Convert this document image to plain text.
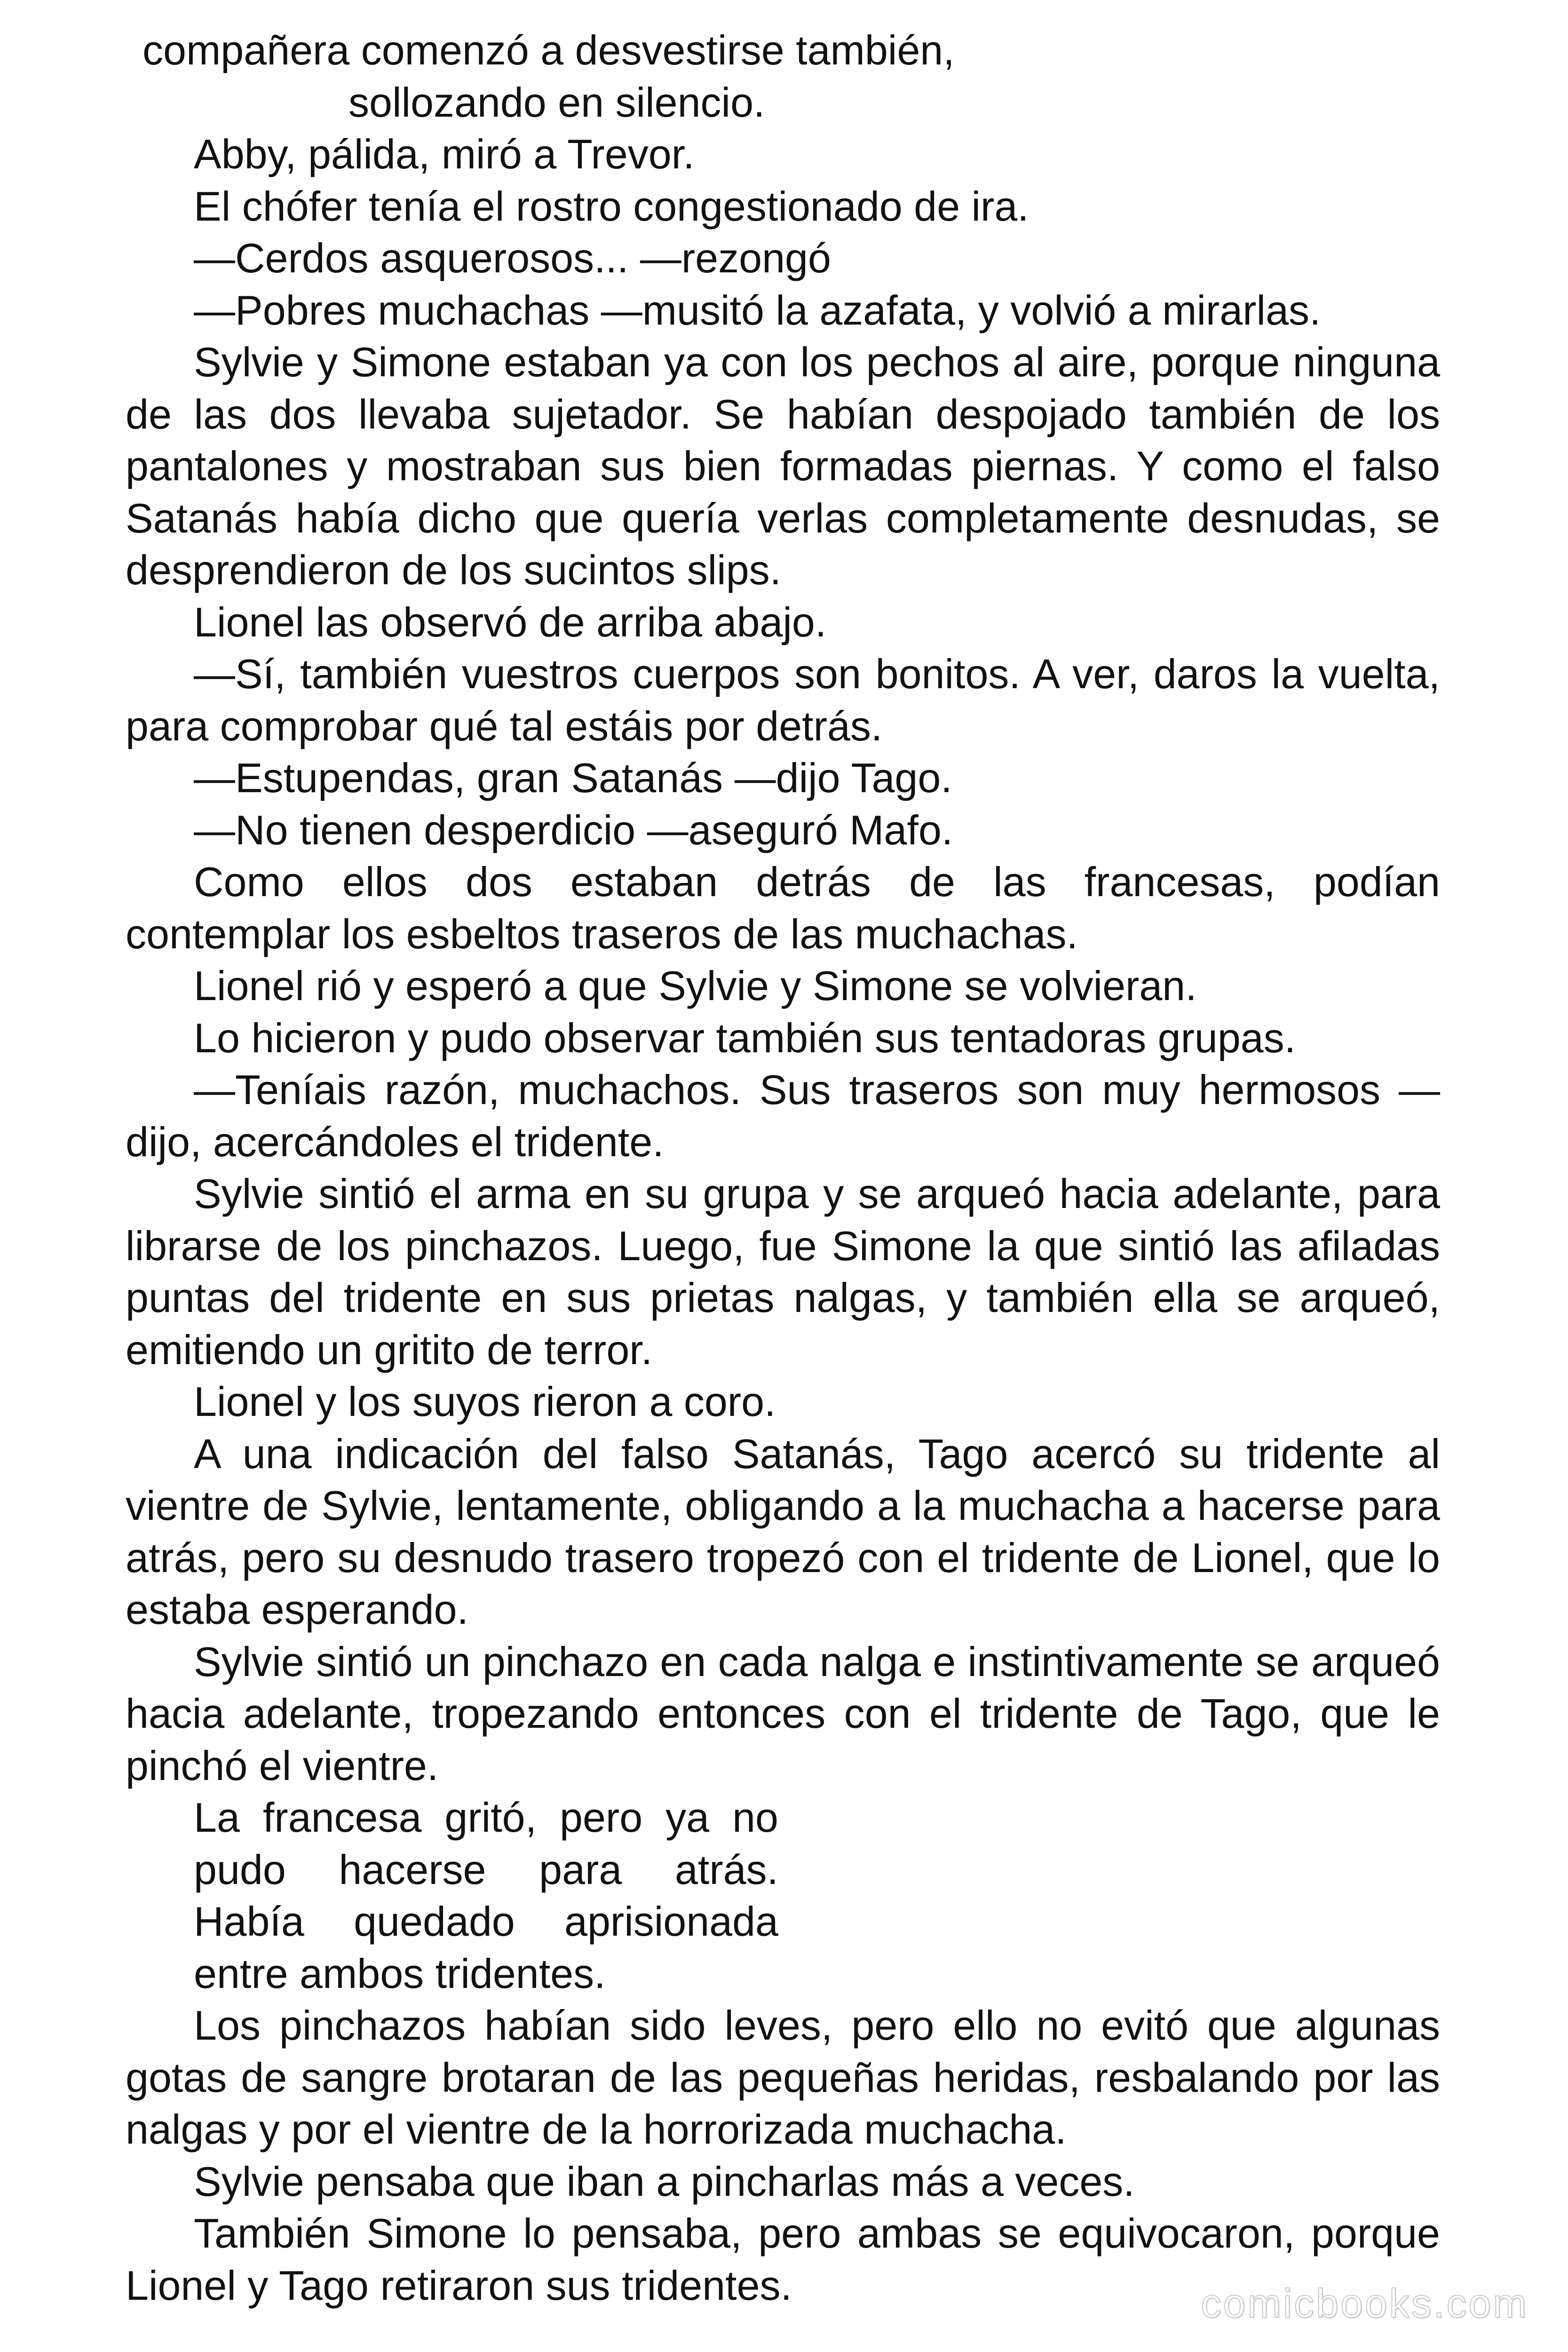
compañera comenzó a desvestirse también,

sollozando en silencio.

Abby, pálida, miró a Trevor.

El chófer tenía el rostro congestionado de ira.

—Cerdos asquerosos... —rezongó

—Pobres muchachas —musitó la azafata, y volvió a mirarlas.

Sylvie y Simone estaban ya con los pechos al aire, porque ninguna de las dos llevaba sujetador. Se habían despojado también de los pantalones y mostraban sus bien formadas piernas. Y como el falso Satanás había dicho que quería verlas completamente desnudas, se desprendieron de los sucintos slips.

Lionel las observó de arriba abajo.

—Sí, también vuestros cuerpos son bonitos. A ver, daros la vuelta, para comprobar qué tal estáis por detrás.

—Estupendas, gran Satanás —dijo Tago.

—No tienen desperdicio —aseguró Mafo.

Como ellos dos estaban detrás de las francesas, podían contemplar los esbeltos traseros de las muchachas.

Lionel rió y esperó a que Sylvie y Simone se volvieran.

Lo hicieron y pudo observar también sus tentadoras grupas.

—Teníais razón, muchachos. Sus traseros son muy hermosos —dijo, acercándoles el tridente.

Sylvie sintió el arma en su grupa y se arqueó hacia adelante, para librarse de los pinchazos. Luego, fue Simone la que sintió las afiladas puntas del tridente en sus prietas nalgas, y también ella se arqueó, emitiendo un gritito de terror.

Lionel y los suyos rieron a coro.

A una indicación del falso Satanás, Tago acercó su tridente al vientre de Sylvie, lentamente, obligando a la muchacha a hacerse para atrás, pero su desnudo trasero tropezó con el tridente de Lionel, que lo estaba esperando.

Sylvie sintió un pinchazo en cada nalga e instintivamente se arqueó hacia adelante, tropezando entonces con el tridente de Tago, que le pinchó el vientre.

La francesa gritó, pero ya no
pudo hacerse para atrás.
Había quedado aprisionada
entre ambos tridentes.

Los pinchazos habían sido leves, pero ello no evitó que algunas gotas de sangre brotaran de las pequeñas heridas, resbalando por las nalgas y por el vientre de la horrorizada muchacha.

Sylvie pensaba que iban a pincharlas más a veces.

También Simone lo pensaba, pero ambas se equivocaron, porque Lionel y Tago retiraron sus tridentes.	comicbooks.com
